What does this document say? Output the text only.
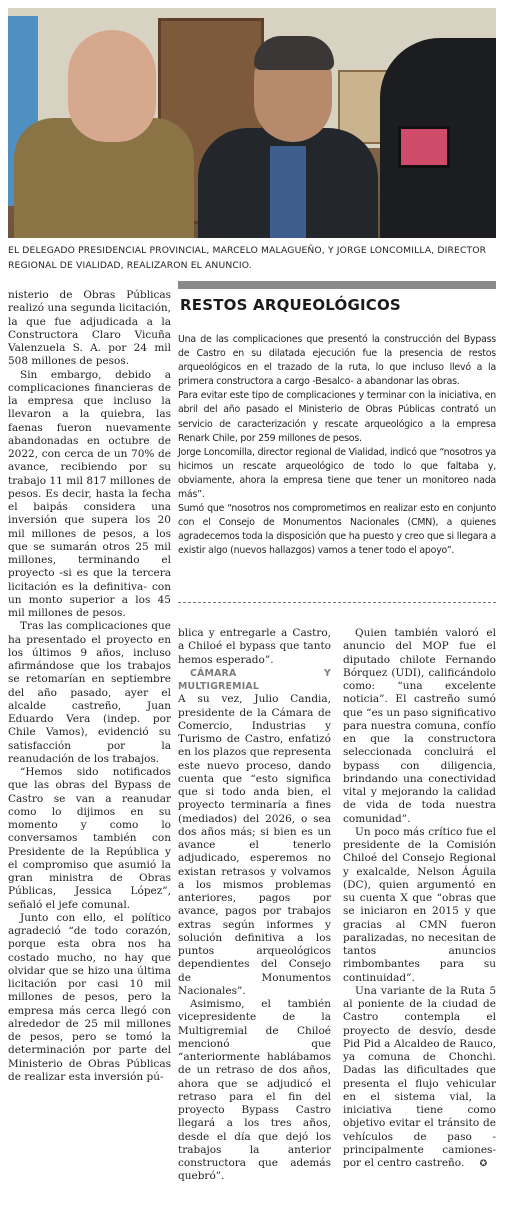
EL DELEGADO PRESIDENCIAL PROVINCIAL, MARCELO MALAGUEÑO, Y JORGE LONCOMILLA, DIRECTOR REGIONAL DE VIALIDAD, REALIZARON EL ANUNCIO.

nisterio de Obras Públicas realizó una segunda licitación, la que fue adjudicada a la Constructora Claro Vicuña Valenzuela S. A. por 24 mil 508 millones de pesos.

Sin embargo, debido a complicaciones financieras de la empresa que incluso la llevaron a la quiebra, las faenas fueron nuevamente abandonadas en octubre de 2022, con cerca de un 70% de avance, recibiendo por su trabajo 11 mil 817 millones de pesos. Es decir, hasta la fecha el baipás considera una inversión que supera los 20 mil millones de pesos, a los que se sumarán otros 25 mil millones, terminando el proyecto -si es que la tercera licitación es la definitiva- con un monto superior a los 45 mil millones de pesos.

Tras las complicaciones que ha presentado el proyecto en los últimos 9 años, incluso afirmándose que los trabajos se retomarían en septiembre del año pasado, ayer el alcalde castreño, Juan Eduardo Vera (indep. por Chile Vamos), evidenció su satisfacción por la reanudación de los trabajos.

“Hemos sido notificados que las obras del Bypass de Castro se van a reanudar como lo dijimos en su momento y como lo conversamos también con Presidente de la República y el compromiso que asumió la gran ministra de Obras Públicas, Jessica López”, señaló el jefe comunal.

Junto con ello, el político agradeció “de todo corazón, porque esta obra nos ha costado mucho, no hay que olvidar que se hizo una última licitación por casi 10 mil millones de pesos, pero la empresa más cerca llegó con alrededor de 25 mil millones de pesos, pero se tomó la determinación por parte del Ministerio de Obras Públicas de realizar esta inversión pú-

RESTOS ARQUEOLÓGICOS

Una de las complicaciones que presentó la construcción del Bypass de Castro en su dilatada ejecución fue la presencia de restos arqueológicos en el trazado de la ruta, lo que incluso llevó a la primera constructora a cargo -Besalco- a abandonar las obras.

Para evitar este tipo de complicaciones y terminar con la iniciativa, en abril del año pasado el Ministerio de Obras Públicas contrató un servicio de caracterización y rescate arqueológico a la empresa Renark Chile, por 259 millones de pesos.

Jorge Loncomilla, director regional de Vialidad, indicó que “nosotros ya hicimos un rescate arqueológico de todo lo que faltaba y, obviamente, ahora la empresa tiene que tener un monitoreo nada más”.

Sumó que “nosotros nos comprometimos en realizar esto en conjunto con el Consejo de Monumentos Nacionales (CMN), a quienes agradecemos toda la disposición que ha puesto y creo que si llegara a existir algo (nuevos hallazgos) vamos a tener todo el apoyo”.

blica y entregarle a Castro, a Chiloé el bypass que tanto hemos esperado”.

CÁMARA Y MULTIGREMIAL

A su vez, Julio Candia, presidente de la Cámara de Comercio, Industrias y Turismo de Castro, enfatizó en los plazos que representa este nuevo proceso, dando cuenta que “esto significa que si todo anda bien, el proyecto terminaría a fines (mediados) del 2026, o sea dos años más; si bien es un avance el tenerlo adjudicado, esperemos no existan retrasos y volvamos a los mismos problemas anteriores, pagos por avance, pagos por trabajos extras según informes y solución definitiva a los puntos arqueológicos dependientes del Consejo de Monumentos Nacionales”.

Asimismo, el también vicepresidente de la Multigremial de Chiloé mencionó que “anteriormente hablábamos de un retraso de dos años, ahora que se adjudicó el retraso para el fin del proyecto Bypass Castro llegará a los tres años, desde el día que dejó los trabajos la anterior constructora que además quebró”.

Quien también valoró el anuncio del MOP fue el diputado chilote Fernando Bórquez (UDI), calificándolo como: “una excelente noticia”. El castreño sumó que “es un paso significativo para nuestra comuna, confío en que la constructora seleccionada concluirá el bypass con diligencia, brindando una conectividad vital y mejorando la calidad de vida de toda nuestra comunidad”.

Un poco más crítico fue el presidente de la Comisión Chiloé del Consejo Regional y exalcalde, Nelson Águila (DC), quien argumentó en su cuenta X que “obras que se iniciaron en 2015 y que gracias al CMN fueron paralizadas, no necesitan de tantos anuncios rimbombantes para su continuidad”.

Una variante de la Ruta 5 al poniente de la ciudad de Castro contempla el proyecto de desvío, desde Pid Pid a Alcaldeo de Rauco, ya comuna de Chonchi. Dadas las dificultades que presenta el flujo vehicular en el sistema vial, la iniciativa tiene como objetivo evitar el tránsito de vehículos de paso -principalmente camiones- por el centro castreño. ✪
